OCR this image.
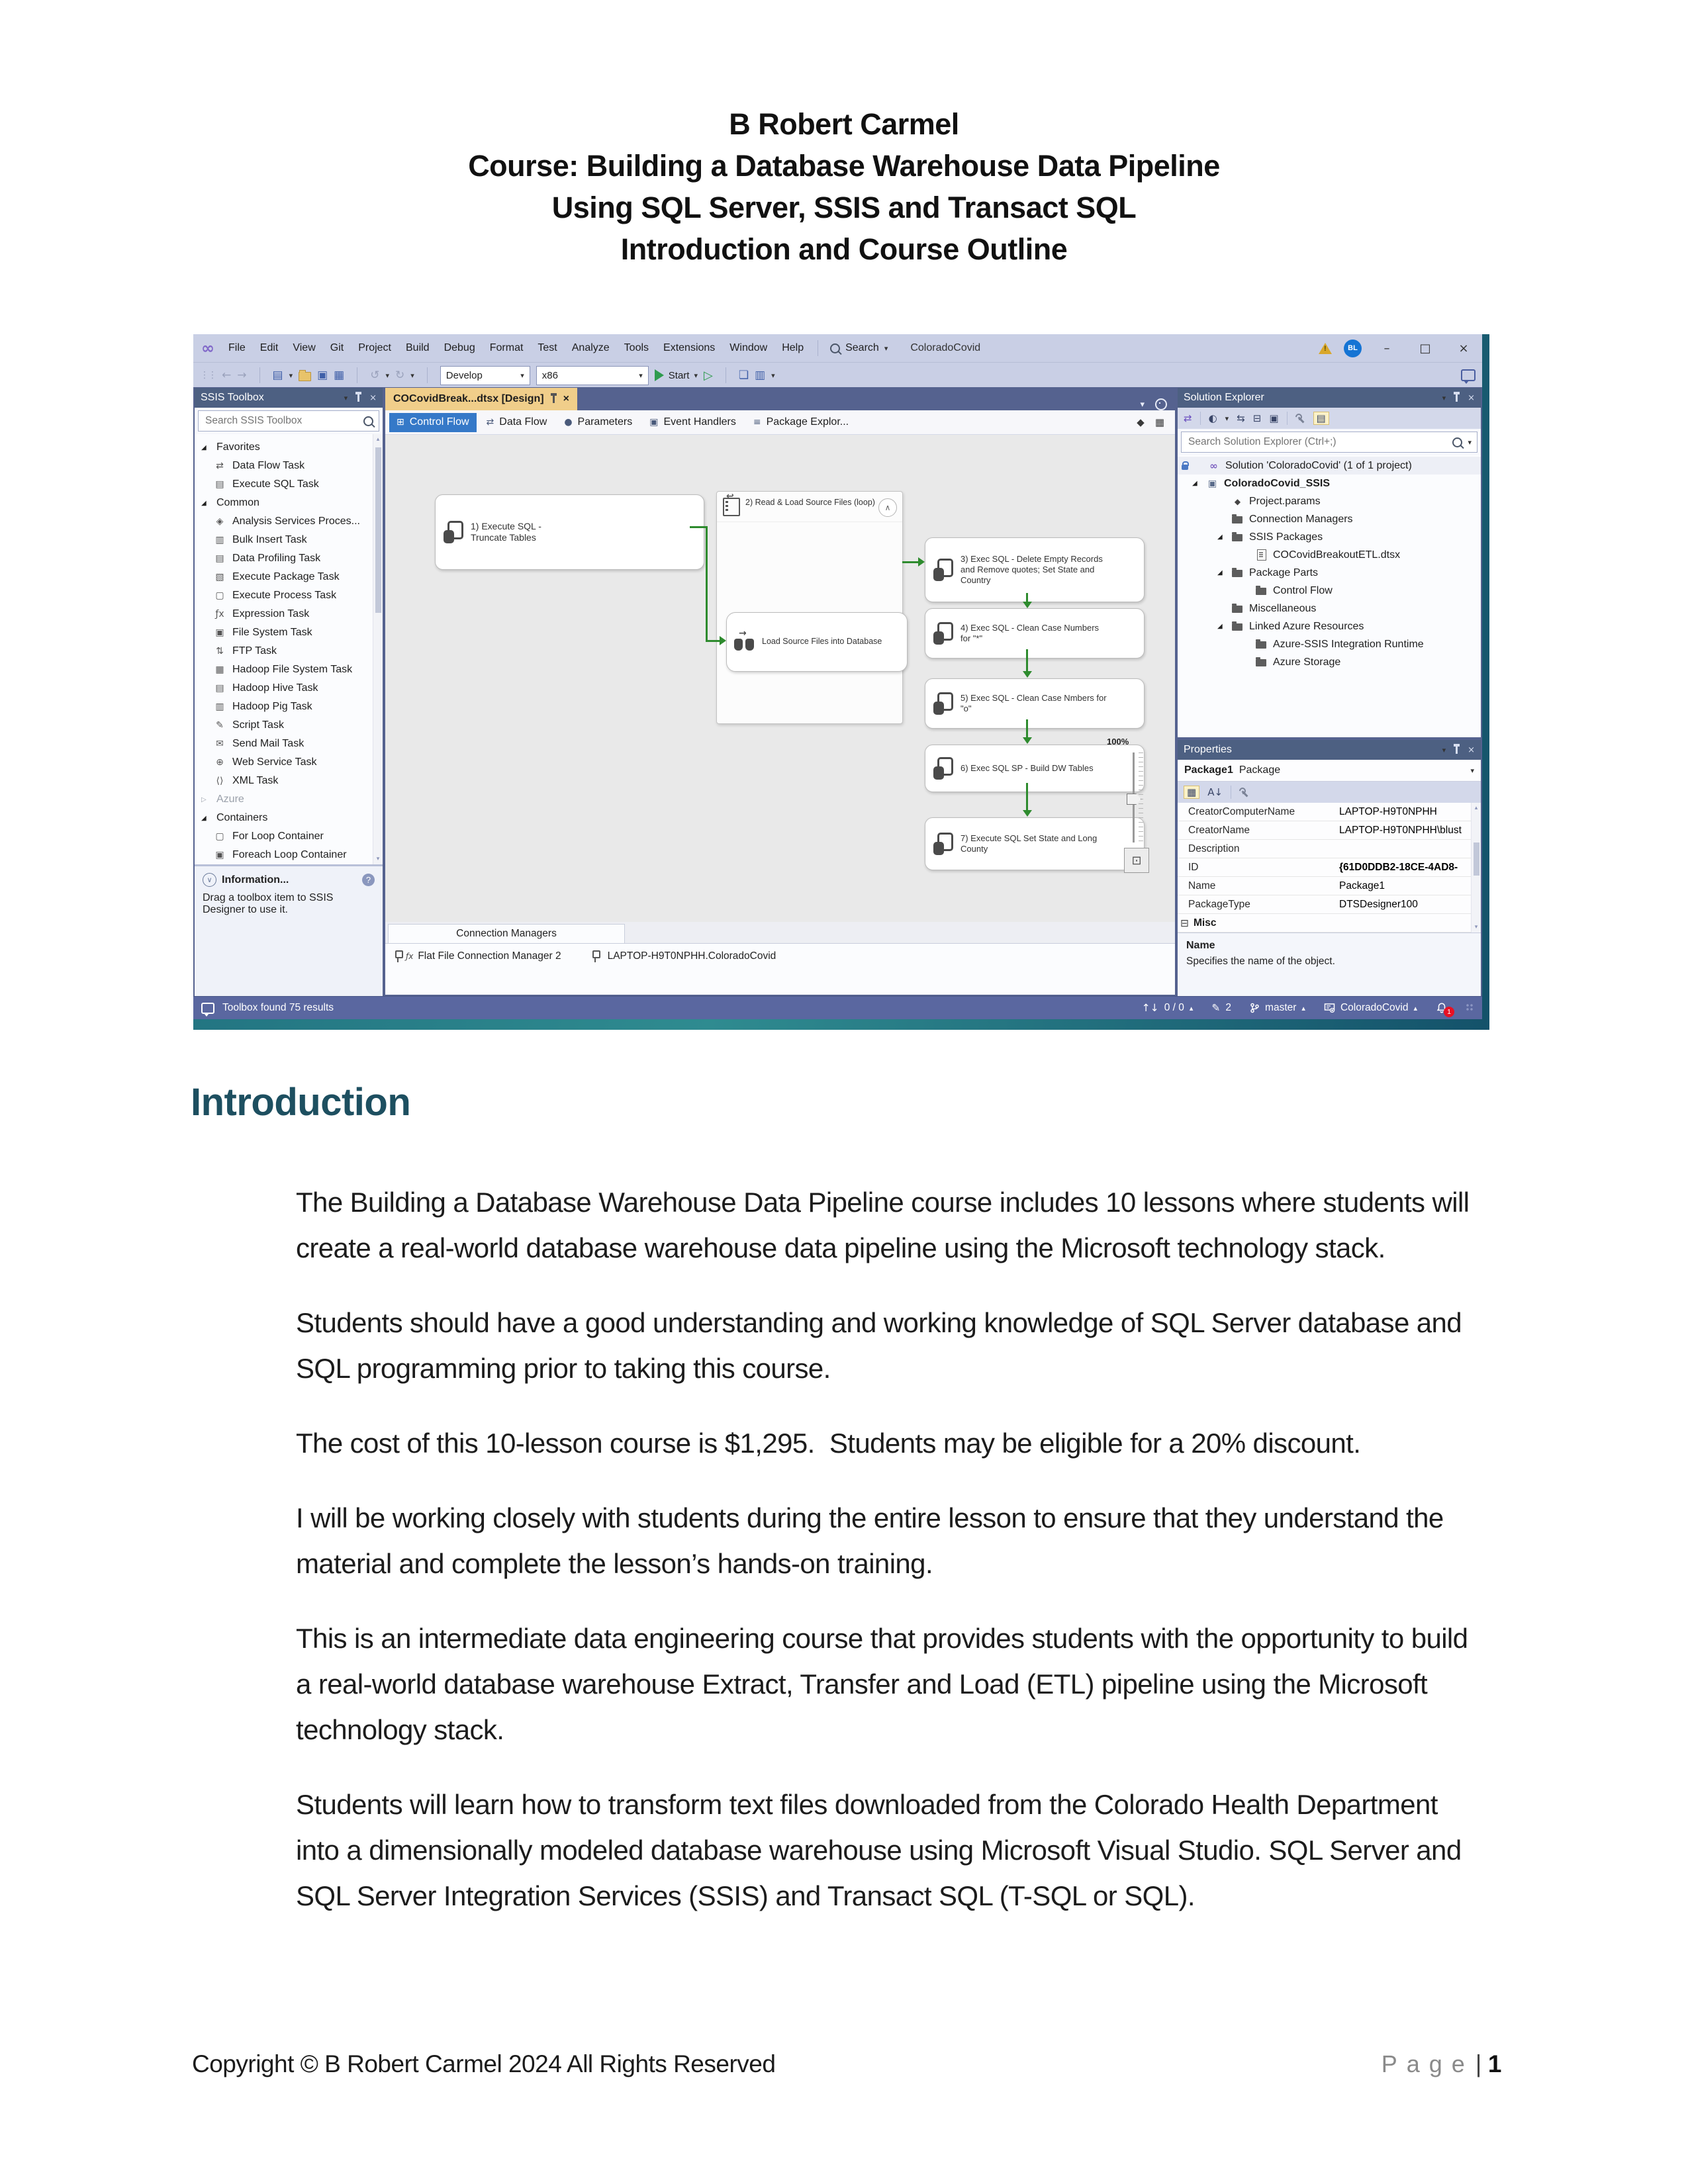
B Robert Carmel
Course: Building a Database Warehouse Data Pipeline
Using SQL Server, SSIS and Transact SQL
Introduction and Course Outline
∞	File	Edit	View	Git	Project	Build	Debug	Format	Test	Analyze	Tools	Extensions	Window	Help	Search ▾ ColoradoCovid !	BL	–	□	×
⋮⋮ ← → ▤ ▾ ▣ ▦ ↺ ▾ ↻ ▾	Develop	▾ x86	▾	Start ▾ ▷ ❏ ▥ ▾
SSIS Toolbox	▾	×
Search SSIS Toolbox
◢ Favorites
⇄ Data Flow Task
▤ Execute SQL Task
◢ Common
◈ Analysis Services Proces...
▥ Bulk Insert Task
▤ Data Profiling Task
▧ Execute Package Task
▢ Execute Process Task
ƒx Expression Task
▣ File System Task
⇅ FTP Task
▦ Hadoop File System Task
▤ Hadoop Hive Task
▥ Hadoop Pig Task
✎ Script Task
✉ Send Mail Task
⊕ Web Service Task
⟨⟩ XML Task
▷ Azure
◢ Containers
▢ For Loop Container
▣ Foreach Loop Container
▴
▾
∨ Information...	?
Drag a toolbox item to SSIS Designer to use it.
COCovidBreak...dtsx [Design] ×	▾
⊞ Control Flow ⇄ Data Flow ● Parameters ▣ Event Handlers ≡ Package Explor...	◆ ▦
1) Execute SQL - Truncate Tables
↩
2) Read & Load Source Files (loop)
∧
→
Load Source Files into Database
3) Exec SQL - Delete Empty Records and Remove quotes; Set State and Country
4) Exec SQL - Clean Case Numbers for "*"
5) Exec SQL - Clean Case Nmbers for "o"
6) Exec SQL SP - Build DW Tables
7) Execute SQL Set State and Long County
100%
⊡
Connection Managers
ƒx Flat File Connection Manager 2	LAPTOP-H9T0NPHH.ColoradoCovid
Solution Explorer	▾	×
⇄ ◐ ▾ ⇆ ⊟ ▣	▤
Search Solution Explorer (Ctrl+;)
▾
∞
Solution 'ColoradoCovid' (1 of 1 project)
◢ ▣	ColoradoCovid_SSIS
◆
Project.params
Connection Managers
◢	SSIS Packages
COCovidBreakoutETL.dtsx
◢	Package Parts
Control Flow
Miscellaneous
◢	Linked Azure Resources
Azure-SSIS Integration Runtime
Azure Storage
Properties	▾	×
Package1 Package	▾
▦	A↓
CreatorComputerName	LAPTOP-H9T0NPHH
CreatorName	LAPTOP-H9T0NPHH\blust
Description
ID	{61D0DDB2-18CE-4AD8-
Name	Package1
PackageType	DTSDesigner100
⊟ Misc
▴
▾
Name
Specifies the name of the object.
Toolbox found 75 results	↑↓ 0 / 0 ▴ ✎ 2	master ▴	ColoradoCovid ▴	1
Introduction

The Building a Database Warehouse Data Pipeline course includes 10 lessons where students will create a real-world database warehouse data pipeline using the Microsoft technology stack.

Students should have a good understanding and working knowledge of SQL Server database and SQL programming prior to taking this course.

The cost of this 10-lesson course is $1,295.  Students may be eligible for a 20% discount.

I will be working closely with students during the entire lesson to ensure that they understand the material and complete the lesson’s hands-on training.

This is an intermediate data engineering course that provides students with the opportunity to build a real-world database warehouse Extract, Transfer and Load (ETL) pipeline using the Microsoft technology stack.

Students will learn how to transform text files downloaded from the Colorado Health Department into a dimensionally modeled database warehouse using Microsoft Visual Studio. SQL Server and SQL Server Integration Services (SSIS) and Transact SQL (T-SQL or SQL).

Copyright © B Robert Carmel 2024 All Rights Reserved	Page | 1
